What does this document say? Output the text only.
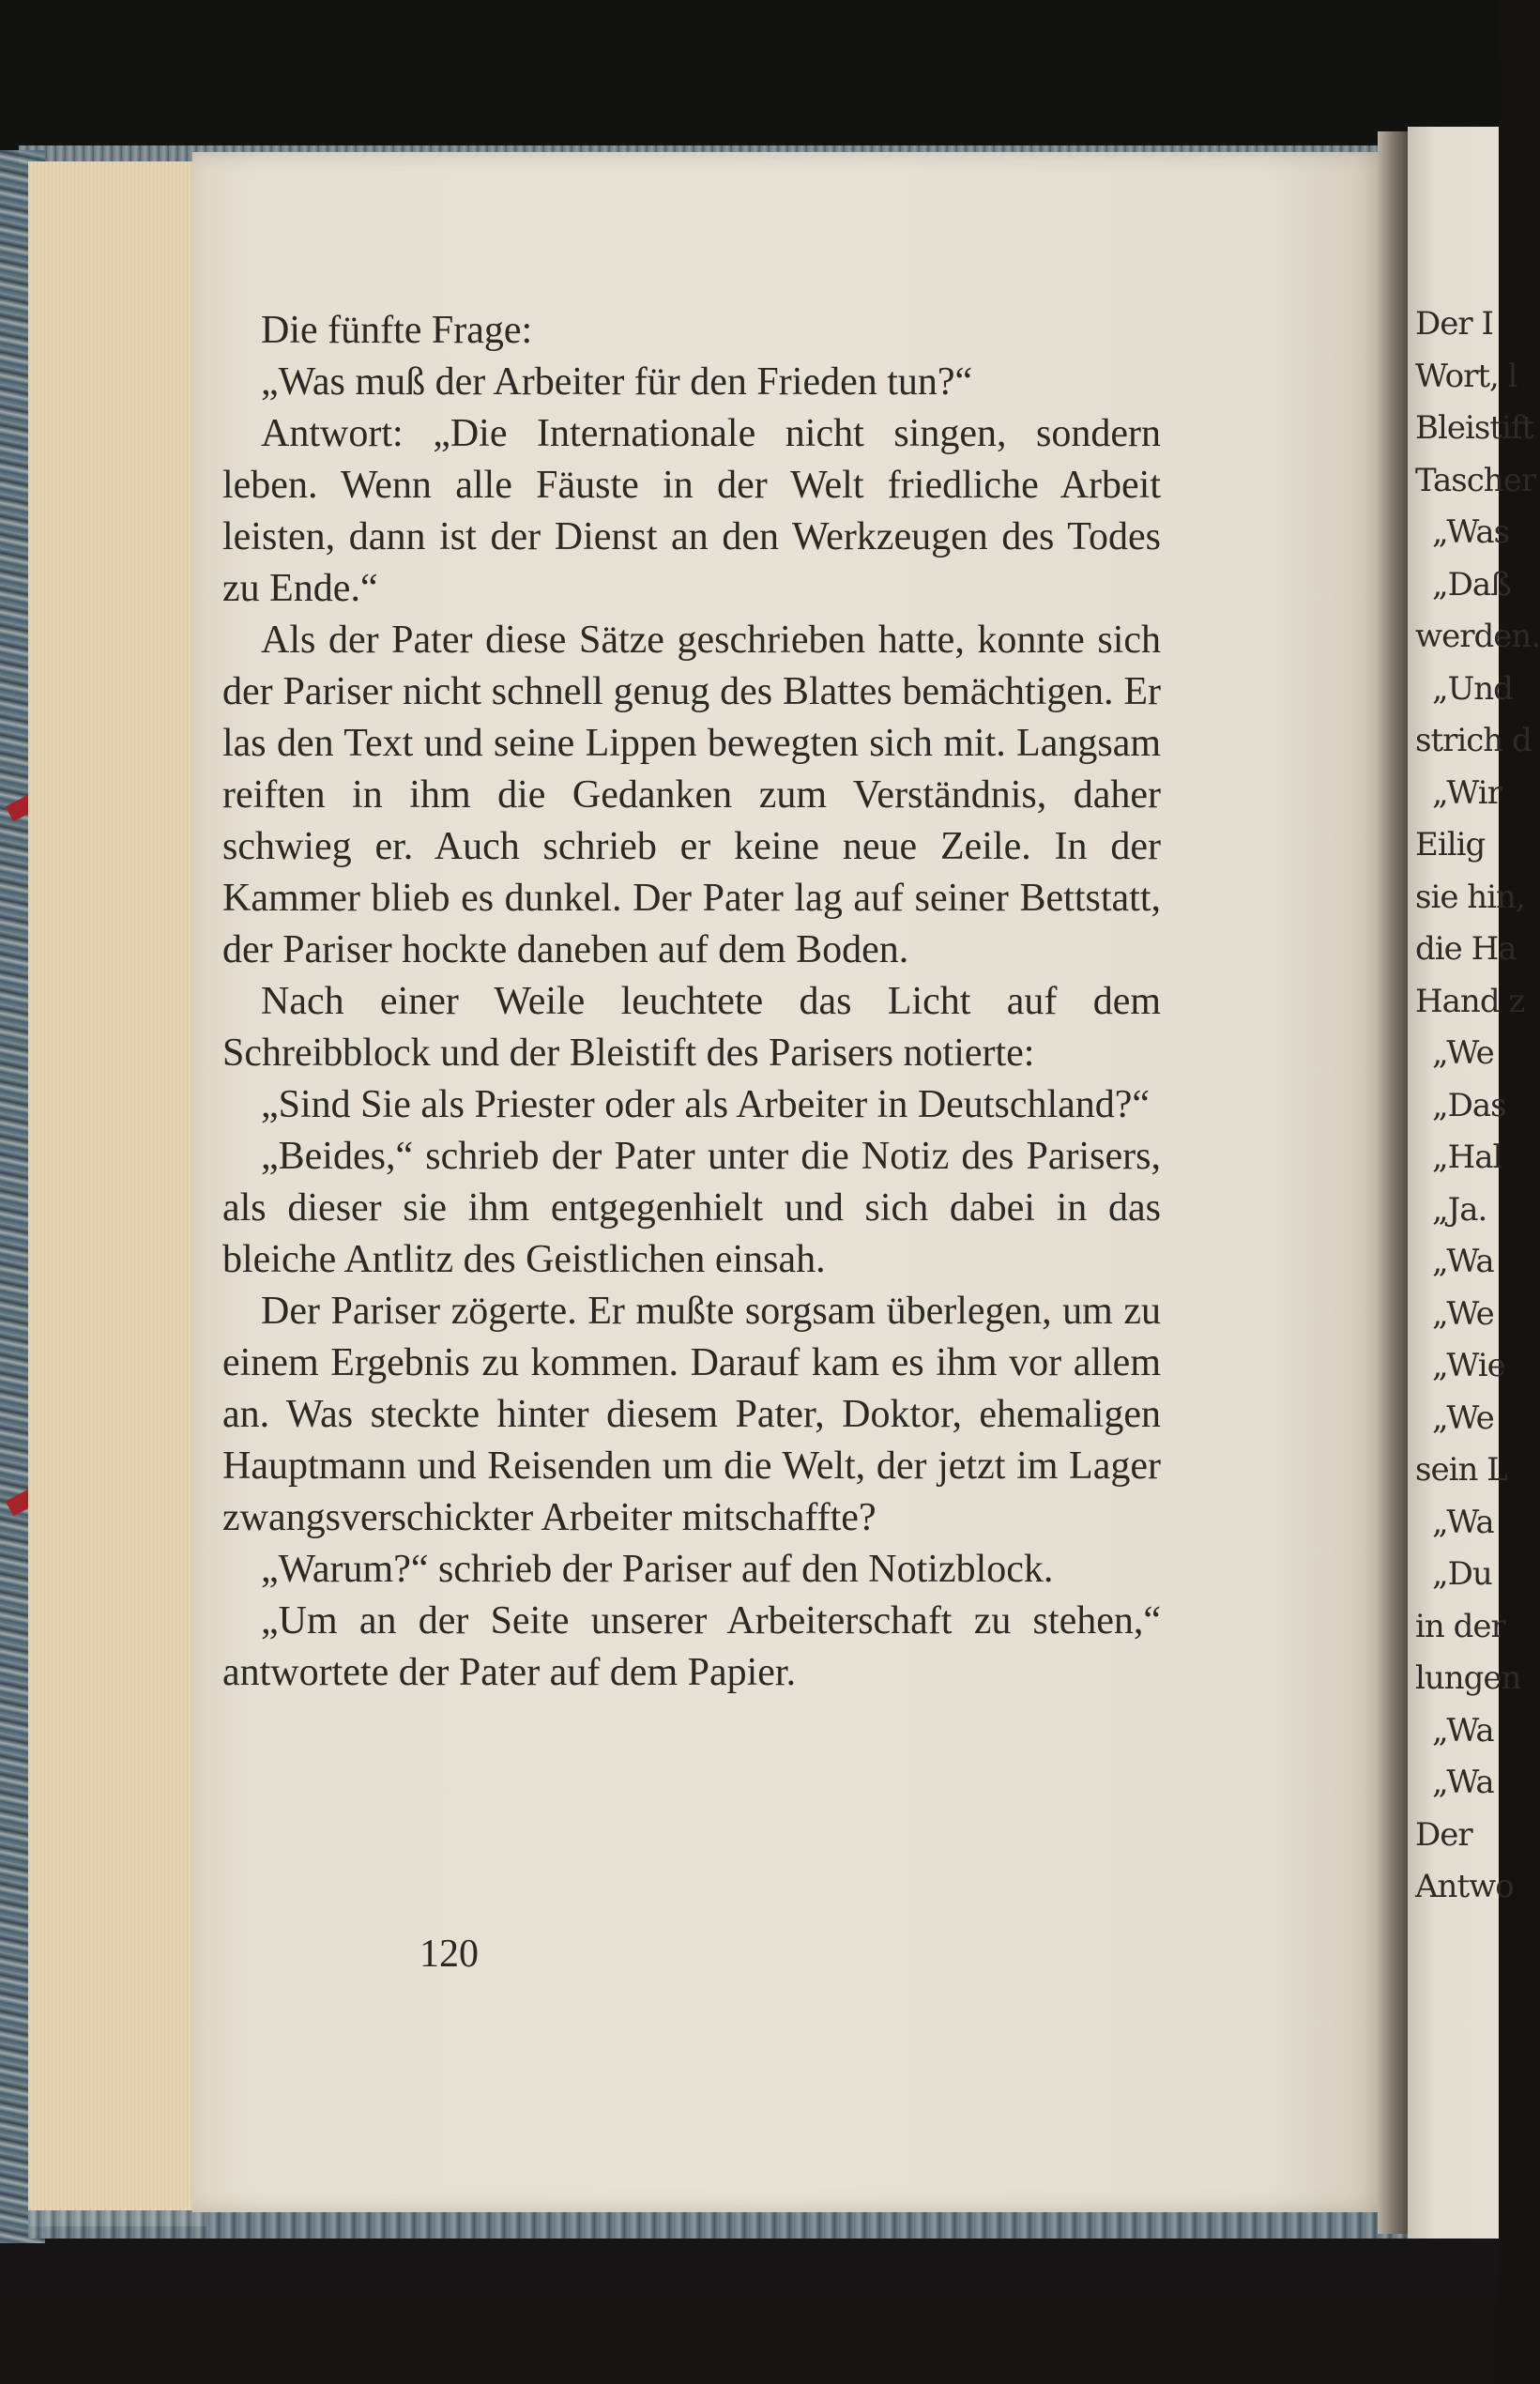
Die fünfte Frage:

„Was muß der Arbeiter für den Frieden tun?“

Antwort: „Die Internationale nicht singen, sondern leben. Wenn alle Fäuste in der Welt friedliche Arbeit leisten, dann ist der Dienst an den Werkzeugen des Todes zu Ende.“

Als der Pater diese Sätze geschrieben hatte, konnte sich der Pariser nicht schnell genug des Blattes bemächtigen. Er las den Text und seine Lippen bewegten sich mit. Langsam reiften in ihm die Gedanken zum Verständnis, daher schwieg er. Auch schrieb er keine neue Zeile. In der Kammer blieb es dunkel. Der Pater lag auf seiner Bettstatt, der Pariser hockte daneben auf dem Boden.

Nach einer Weile leuchtete das Licht auf dem Schreibblock und der Bleistift des Parisers notierte:

„Sind Sie als Priester oder als Arbeiter in Deutschland?“

„Beides,“ schrieb der Pater unter die Notiz des Parisers, als dieser sie ihm entgegenhielt und sich dabei in das bleiche Antlitz des Geistlichen einsah.

Der Pariser zögerte. Er mußte sorgsam überlegen, um zu einem Ergebnis zu kommen. Darauf kam es ihm vor allem an. Was steckte hinter diesem Pater, Doktor, ehemaligen Hauptmann und Reisenden um die Welt, der jetzt im Lager zwangsverschickter Arbeiter mitschaffte?

„Warum?“ schrieb der Pariser auf den Notizblock.

„Um an der Seite unserer Arbeiterschaft zu stehen,“ antwortete der Pater auf dem Papier.

120
Der I
Wort, l
Bleistift
Tascher
„Was
„Daß
werden.
„Und
strich d
„Wir
Eilig
sie hin,
die Ha
Hand z
„We
„Das
„Hal
„Ja.
„Wa
„We
„Wie
„We
sein L
„Wa
„Du
in der
lungen
„Wa
„Wa
Der
Antwo
